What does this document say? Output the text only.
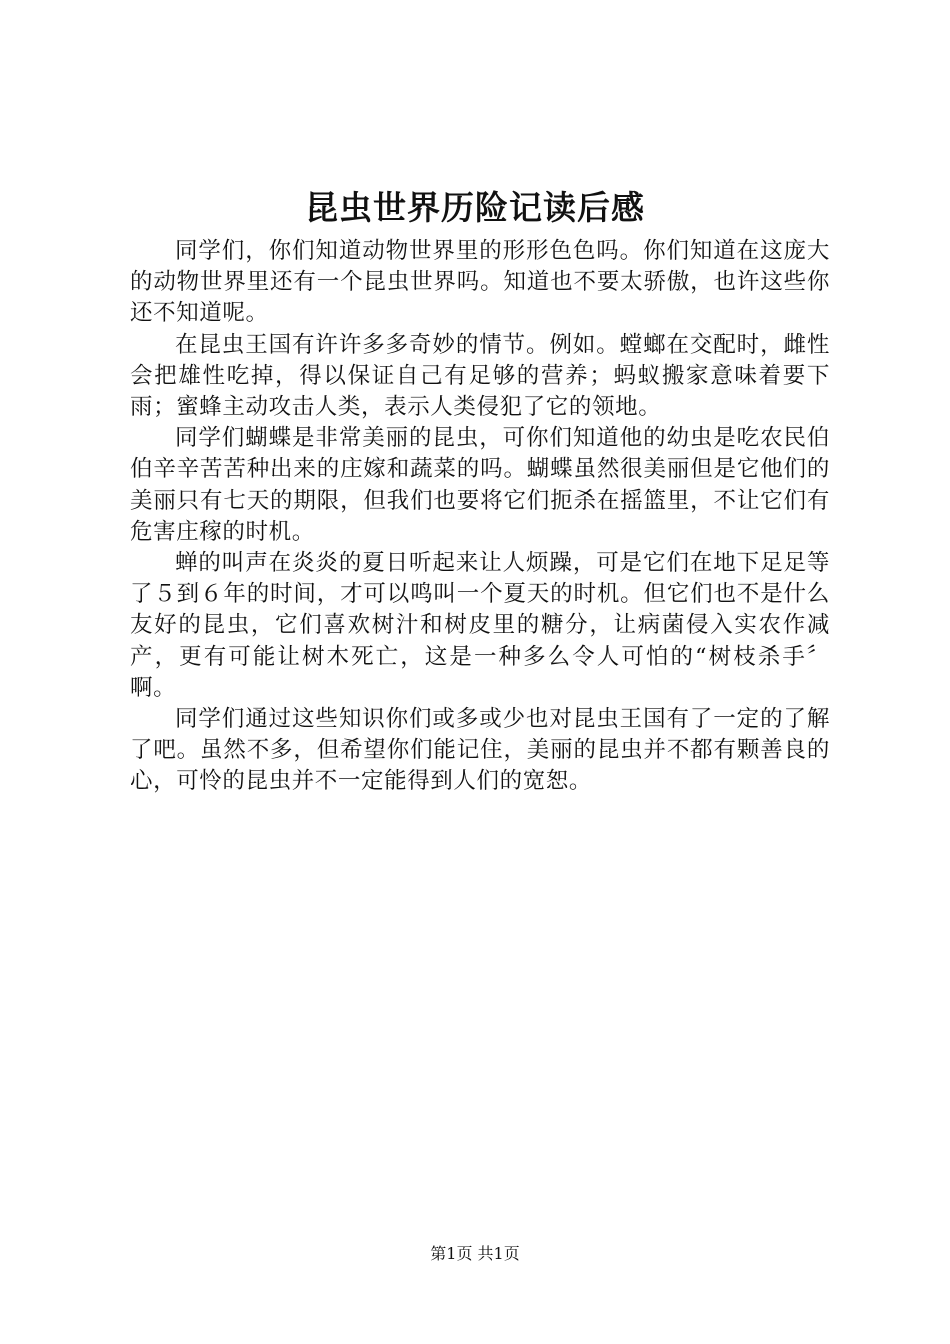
昆虫世界历险记读后感

同学们，你们知道动物世界里的形形色色吗。你们知道在这庞大的动物世界里还有一个昆虫世界吗。知道也不要太骄傲，也许这些你还不知道呢。

在昆虫王国有许许多多奇妙的情节。例如。螳螂在交配时，雌性会把雄性吃掉，得以保证自己有足够的营养；蚂蚁搬家意味着要下雨；蜜蜂主动攻击人类，表示人类侵犯了它的领地。

同学们蝴蝶是非常美丽的昆虫，可你们知道他的幼虫是吃农民伯伯辛辛苦苦种出来的庄嫁和蔬菜的吗。蝴蝶虽然很美丽但是它他们的美丽只有七天的期限，但我们也要将它们扼杀在摇篮里，不让它们有危害庄稼的时机。

蝉的叫声在炎炎的夏日听起来让人烦躁，可是它们在地下足足等了５到６年的时间，才可以鸣叫一个夏天的时机。但它们也不是什么友好的昆虫，它们喜欢树汁和树皮里的糖分，让病菌侵入实农作减产，更有可能让树木死亡，这是一种多么令人可怕的“树枝杀手〞啊。

同学们通过这些知识你们或多或少也对昆虫王国有了一定的了解了吧。虽然不多，但希望你们能记住，美丽的昆虫并不都有颗善良的心，可怜的昆虫并不一定能得到人们的宽恕。

第1页 共1页
